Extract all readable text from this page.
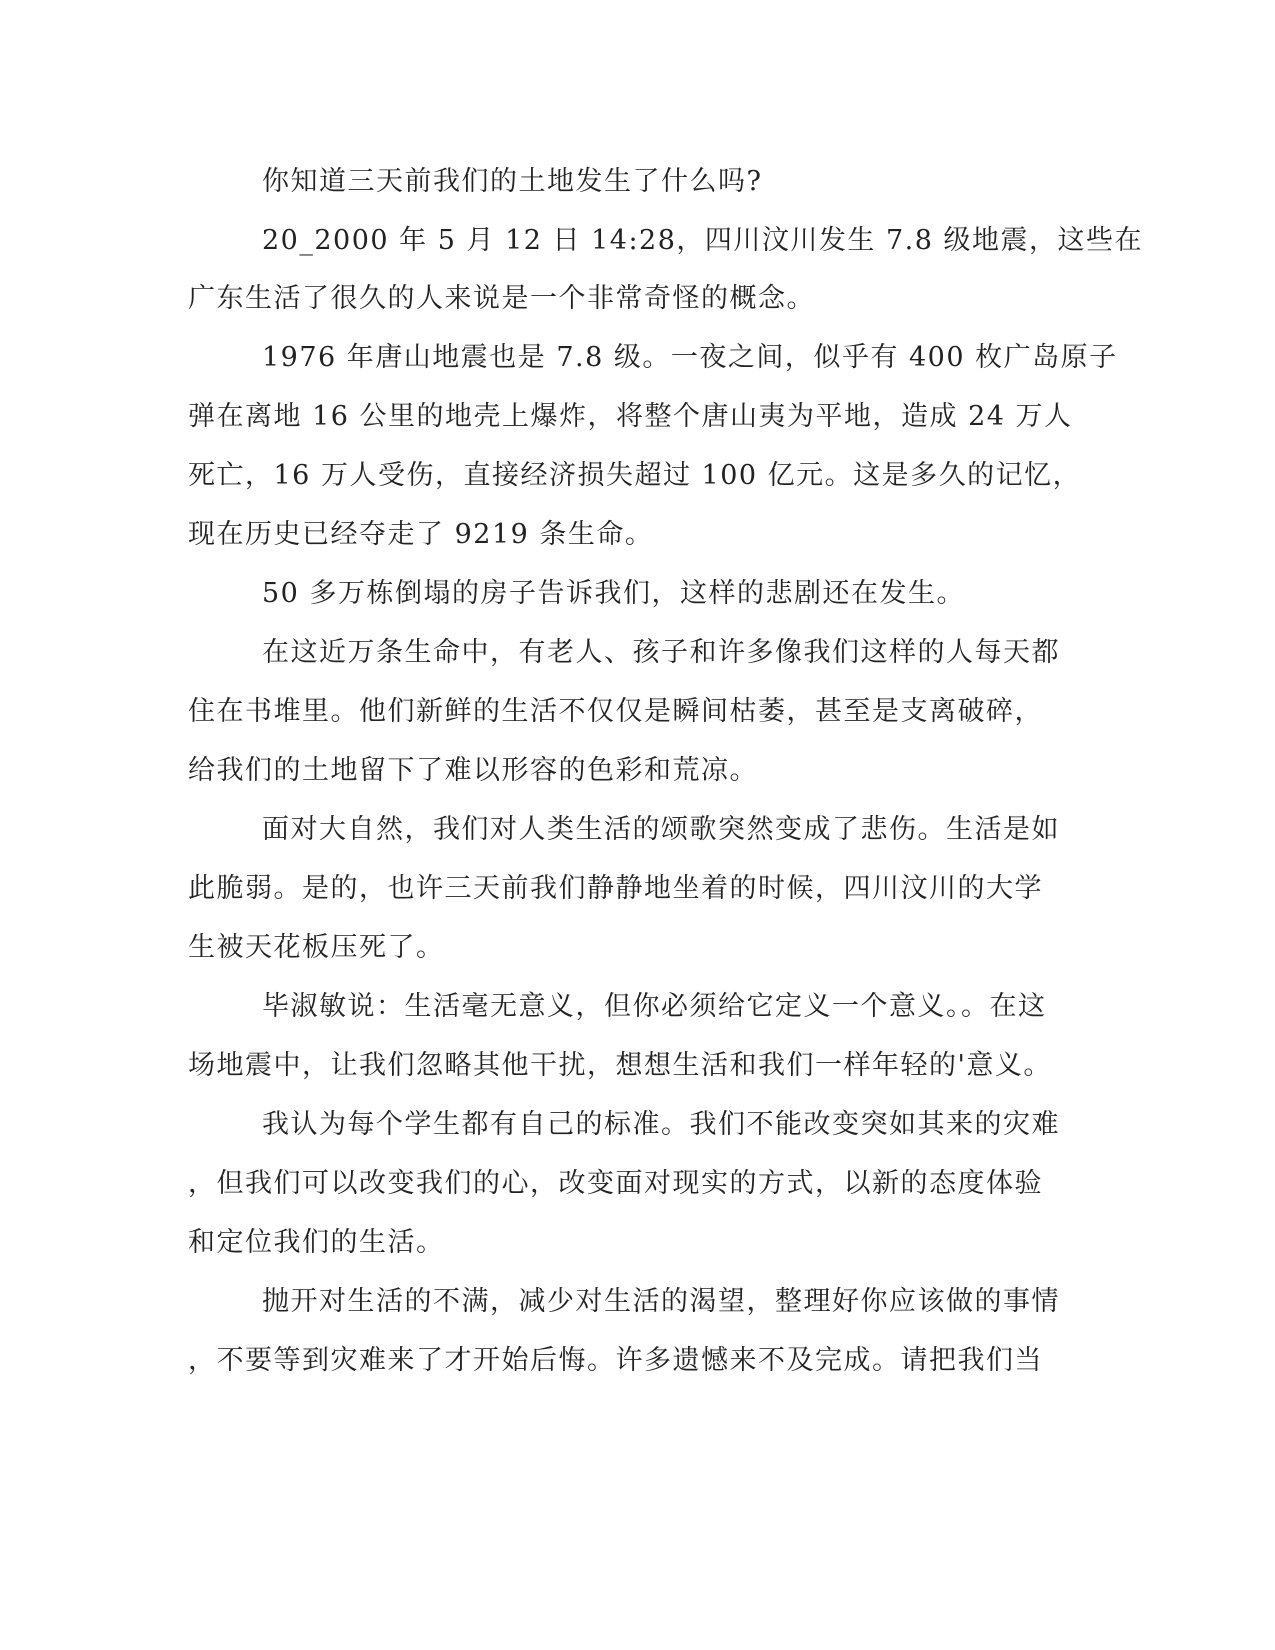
你知道三天前我们的土地发生了什么吗?
20_2000 年 5 月 12 日 14:28，四川汶川发生 7.8 级地震，这些在
广东生活了很久的人来说是一个非常奇怪的概念。
1976 年唐山地震也是 7.8 级。一夜之间，似乎有 400 枚广岛原子
弹在离地 16 公里的地壳上爆炸，将整个唐山夷为平地，造成 24 万人
死亡，16 万人受伤，直接经济损失超过 100 亿元。这是多久的记忆，
现在历史已经夺走了 9219 条生命。
50 多万栋倒塌的房子告诉我们，这样的悲剧还在发生。
在这近万条生命中，有老人、孩子和许多像我们这样的人每天都
住在书堆里。他们新鲜的生活不仅仅是瞬间枯萎，甚至是支离破碎，
给我们的土地留下了难以形容的色彩和荒凉。
面对大自然，我们对人类生活的颂歌突然变成了悲伤。生活是如
此脆弱。是的，也许三天前我们静静地坐着的时候，四川汶川的大学
生被天花板压死了。
毕淑敏说：生活毫无意义，但你必须给它定义一个意义。。在这
场地震中，让我们忽略其他干扰，想想生活和我们一样年轻的'意义。
我认为每个学生都有自己的标准。我们不能改变突如其来的灾难
，但我们可以改变我们的心，改变面对现实的方式，以新的态度体验
和定位我们的生活。
抛开对生活的不满，减少对生活的渴望，整理好你应该做的事情
，不要等到灾难来了才开始后悔。许多遗憾来不及完成。请把我们当
